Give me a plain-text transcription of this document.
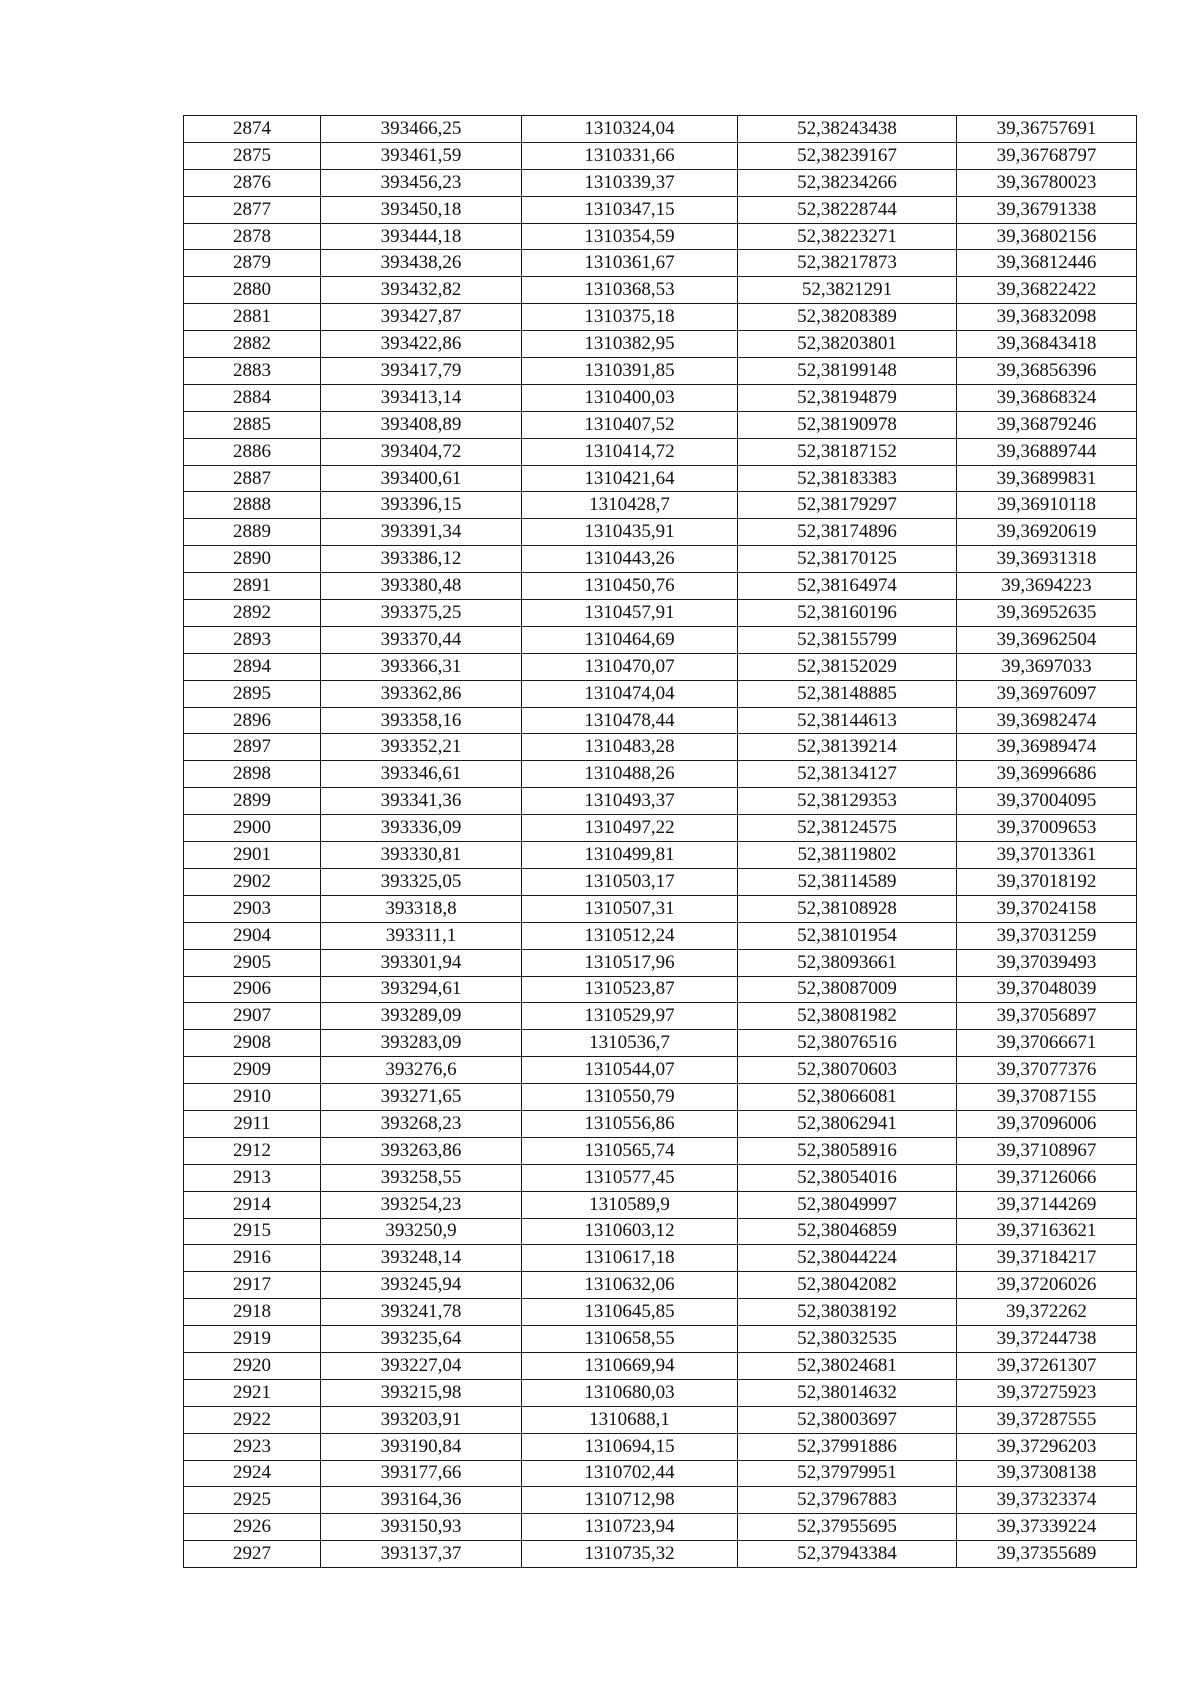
2874	393466,25	1310324,04	52,38243438	39,36757691
2875	393461,59	1310331,66	52,38239167	39,36768797
2876	393456,23	1310339,37	52,38234266	39,36780023
2877	393450,18	1310347,15	52,38228744	39,36791338
2878	393444,18	1310354,59	52,38223271	39,36802156
2879	393438,26	1310361,67	52,38217873	39,36812446
2880	393432,82	1310368,53	52,3821291	39,36822422
2881	393427,87	1310375,18	52,38208389	39,36832098
2882	393422,86	1310382,95	52,38203801	39,36843418
2883	393417,79	1310391,85	52,38199148	39,36856396
2884	393413,14	1310400,03	52,38194879	39,36868324
2885	393408,89	1310407,52	52,38190978	39,36879246
2886	393404,72	1310414,72	52,38187152	39,36889744
2887	393400,61	1310421,64	52,38183383	39,36899831
2888	393396,15	1310428,7	52,38179297	39,36910118
2889	393391,34	1310435,91	52,38174896	39,36920619
2890	393386,12	1310443,26	52,38170125	39,36931318
2891	393380,48	1310450,76	52,38164974	39,3694223
2892	393375,25	1310457,91	52,38160196	39,36952635
2893	393370,44	1310464,69	52,38155799	39,36962504
2894	393366,31	1310470,07	52,38152029	39,3697033
2895	393362,86	1310474,04	52,38148885	39,36976097
2896	393358,16	1310478,44	52,38144613	39,36982474
2897	393352,21	1310483,28	52,38139214	39,36989474
2898	393346,61	1310488,26	52,38134127	39,36996686
2899	393341,36	1310493,37	52,38129353	39,37004095
2900	393336,09	1310497,22	52,38124575	39,37009653
2901	393330,81	1310499,81	52,38119802	39,37013361
2902	393325,05	1310503,17	52,38114589	39,37018192
2903	393318,8	1310507,31	52,38108928	39,37024158
2904	393311,1	1310512,24	52,38101954	39,37031259
2905	393301,94	1310517,96	52,38093661	39,37039493
2906	393294,61	1310523,87	52,38087009	39,37048039
2907	393289,09	1310529,97	52,38081982	39,37056897
2908	393283,09	1310536,7	52,38076516	39,37066671
2909	393276,6	1310544,07	52,38070603	39,37077376
2910	393271,65	1310550,79	52,38066081	39,37087155
2911	393268,23	1310556,86	52,38062941	39,37096006
2912	393263,86	1310565,74	52,38058916	39,37108967
2913	393258,55	1310577,45	52,38054016	39,37126066
2914	393254,23	1310589,9	52,38049997	39,37144269
2915	393250,9	1310603,12	52,38046859	39,37163621
2916	393248,14	1310617,18	52,38044224	39,37184217
2917	393245,94	1310632,06	52,38042082	39,37206026
2918	393241,78	1310645,85	52,38038192	39,372262
2919	393235,64	1310658,55	52,38032535	39,37244738
2920	393227,04	1310669,94	52,38024681	39,37261307
2921	393215,98	1310680,03	52,38014632	39,37275923
2922	393203,91	1310688,1	52,38003697	39,37287555
2923	393190,84	1310694,15	52,37991886	39,37296203
2924	393177,66	1310702,44	52,37979951	39,37308138
2925	393164,36	1310712,98	52,37967883	39,37323374
2926	393150,93	1310723,94	52,37955695	39,37339224
2927	393137,37	1310735,32	52,37943384	39,37355689
